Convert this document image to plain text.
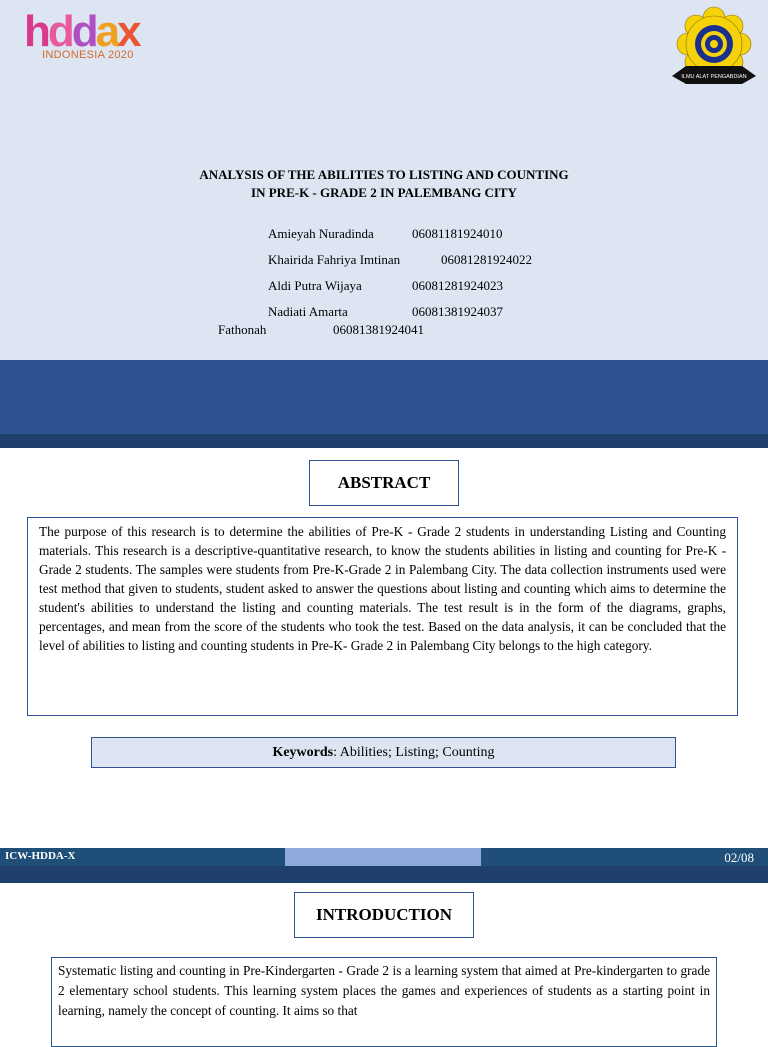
hddax
INDONESIA 2020
ILMU ALAT PENGABDIAN
ANALYSIS OF THE ABILITIES TO LISTING AND COUNTING
IN PRE-K - GRADE 2 IN PALEMBANG CITY
Amieyah Nuradinda	06081181924010
Khairida Fahriya Imtinan	06081281924022
Aldi Putra Wijaya	06081281924023
Nadiati Amarta	06081381924037
Fathonah	06081381924041
ABSTRACT
The purpose of this research is to determine the abilities of Pre-K - Grade 2 students in understanding Listing and Counting materials. This research is a descriptive-quantitative research, to know the students abilities in listing and counting for Pre-K - Grade 2 students. The samples were students from Pre-K-Grade 2 in Palembang City. The data collection instruments used were test method that given to students, student asked to answer the questions about listing and counting which aims to determine the student's abilities to understand the listing and counting materials. The test result is in the form of the diagrams, graphs, percentages, and mean from the score of the students who took the test. Based on the data analysis, it can be concluded that the level of abilities to listing and counting students in Pre-K- Grade 2 in Palembang City belongs to the high category.
Keywords: Abilities; Listing; Counting
ICW-HDDA-X	02/08
INTRODUCTION
Systematic listing and counting in Pre-Kindergarten - Grade 2 is a learning system that aimed at Pre-kindergarten to grade 2 elementary school students. This learning system places the games and experiences of students as a starting point in learning, namely the concept of counting. It aims so that
